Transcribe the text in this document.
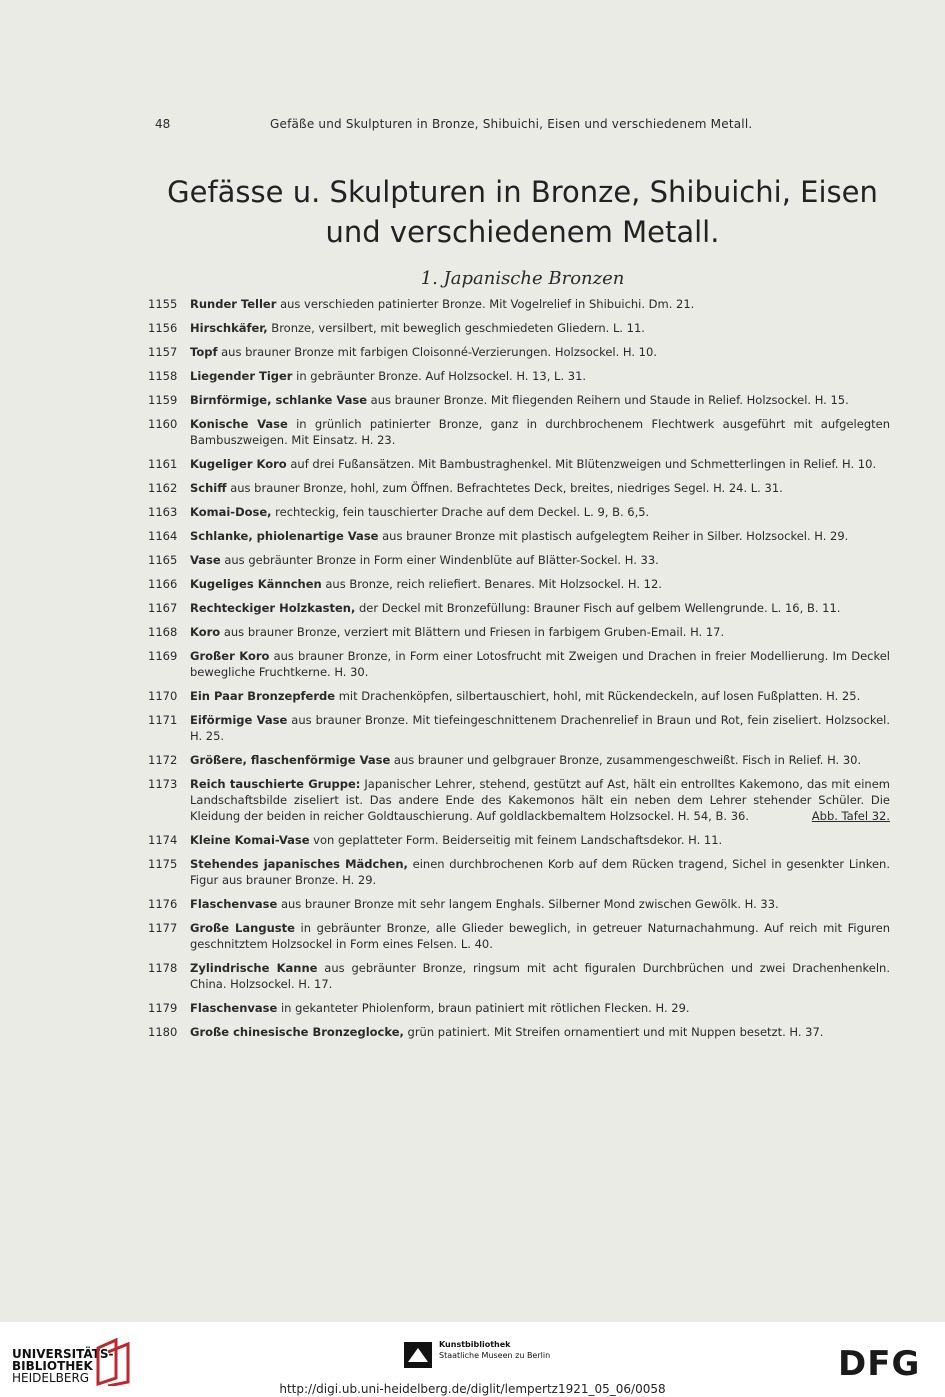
48	Gefäße und Skulpturen in Bronze, Shibuichi, Eisen und verschiedenem Metall.
Gefässe u. Skulpturen in Bronze, Shibuichi, Eisen
und verschiedenem Metall.
1. Japanische Bronzen
1155	Runder Teller aus verschieden patinierter Bronze. Mit Vogelrelief in Shibuichi. Dm. 21.
1156	Hirschkäfer, Bronze, versilbert, mit beweglich geschmiedeten Gliedern. L. 11.
1157	Topf aus brauner Bronze mit farbigen Cloisonné-Verzierungen. Holzsockel. H. 10.
1158	Liegender Tiger in gebräunter Bronze. Auf Holzsockel. H. 13, L. 31.
1159	Birnförmige, schlanke Vase aus brauner Bronze. Mit fliegenden Reihern und Staude in Relief. Holzsockel. H. 15.
1160	Konische Vase in grünlich patinierter Bronze, ganz in durchbrochenem Flechtwerk ausgeführt mit aufgelegten Bambuszweigen. Mit Einsatz. H. 23.
1161	Kugeliger Koro auf drei Fußansätzen. Mit Bambustraghenkel. Mit Blütenzweigen und Schmetterlingen in Relief. H. 10.
1162	Schiff aus brauner Bronze, hohl, zum Öffnen. Befrachtetes Deck, breites, niedriges Segel. H. 24. L. 31.
1163	Komai-Dose, rechteckig, fein tauschierter Drache auf dem Deckel. L. 9, B. 6,5.
1164	Schlanke, phiolenartige Vase aus brauner Bronze mit plastisch aufgelegtem Reiher in Silber. Holzsockel. H. 29.
1165	Vase aus gebräunter Bronze in Form einer Windenblüte auf Blätter-Sockel. H. 33.
1166	Kugeliges Kännchen aus Bronze, reich reliefiert. Benares. Mit Holzsockel. H. 12.
1167	Rechteckiger Holzkasten, der Deckel mit Bronzefüllung: Brauner Fisch auf gelbem Wellengrunde. L. 16, B. 11.
1168	Koro aus brauner Bronze, verziert mit Blättern und Friesen in farbigem Gruben-Email. H. 17.
1169	Großer Koro aus brauner Bronze, in Form einer Lotosfrucht mit Zweigen und Drachen in freier Modellierung. Im Deckel bewegliche Fruchtkerne. H. 30.
1170	Ein Paar Bronzepferde mit Drachenköpfen, silbertauschiert, hohl, mit Rückendeckeln, auf losen Fußplatten. H. 25.
1171	Eiförmige Vase aus brauner Bronze. Mit tiefeingeschnittenem Drachenrelief in Braun und Rot, fein ziseliert. Holzsockel. H. 25.
1172	Größere, flaschenförmige Vase aus brauner und gelbgrauer Bronze, zusammengeschweißt. Fisch in Relief. H. 30.
1173	Reich tauschierte Gruppe: Japanischer Lehrer, stehend, gestützt auf Ast, hält ein entrolltes Kakemono, das mit einem Landschaftsbilde ziseliert ist. Das andere Ende des Kakemonos hält ein neben dem Lehrer stehender Schüler. Die Kleidung der beiden in reicher Goldtauschierung. Auf goldlackbemaltem Holzsockel. H. 54, B. 36.	Abb. Tafel 32.
1174	Kleine Komai-Vase von geplatteter Form. Beiderseitig mit feinem Landschaftsdekor. H. 11.
1175	Stehendes japanisches Mädchen, einen durchbrochenen Korb auf dem Rücken tragend, Sichel in gesenkter Linken. Figur aus brauner Bronze. H. 29.
1176	Flaschenvase aus brauner Bronze mit sehr langem Enghals. Silberner Mond zwischen Gewölk. H. 33.
1177	Große Languste in gebräunter Bronze, alle Glieder beweglich, in getreuer Naturnachahmung. Auf reich mit Figuren geschnitztem Holzsockel in Form eines Felsen. L. 40.
1178	Zylindrische Kanne aus gebräunter Bronze, ringsum mit acht figuralen Durchbrüchen und zwei Drachenhenkeln. China. Holzsockel. H. 17.
1179	Flaschenvase in gekanteter Phiolenform, braun patiniert mit rötlichen Flecken. H. 29.
1180	Große chinesische Bronzeglocke, grün patiniert. Mit Streifen ornamentiert und mit Nuppen besetzt. H. 37.
UNIVERSITÄTS-
BIBLIOTHEK
HEIDELBERG
Kunstbibliothek
Staatliche Museen zu Berlin	DFG
http://digi.ub.uni-heidelberg.de/diglit/lempertz1921_05_06/0058
